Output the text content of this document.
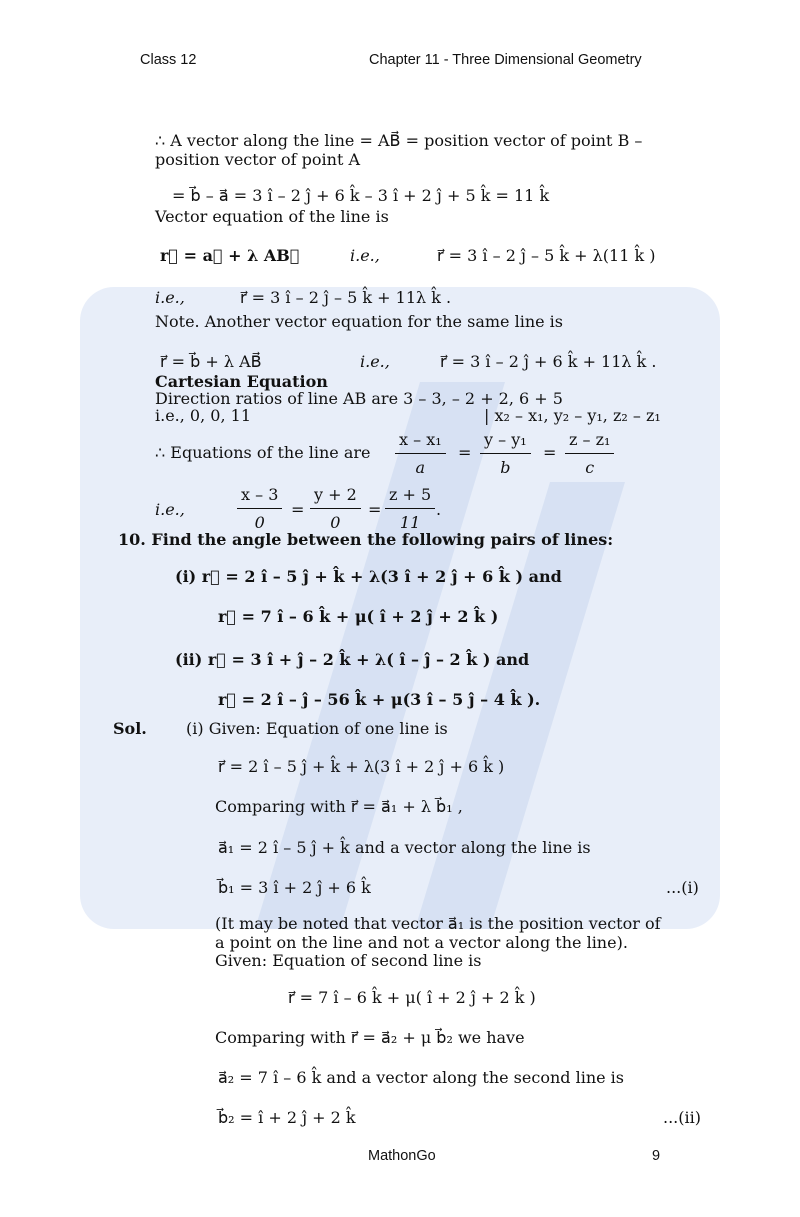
Class 12	Chapter 11 - Three Dimensional Geometry
∴ A vector along the line = AB⃗ = position vector of point B –
position vector of point A
= b⃗ – a⃗ = 3 î – 2 ĵ + 6 k̂ – 3 î + 2 ĵ + 5 k̂ = 11 k̂
Vector equation of the line is
r⃗ = a⃗ + λ AB⃗	i.e.,	r⃗ = 3 î – 2 ĵ – 5 k̂ + λ(11 k̂ )
i.e.,	r⃗ = 3 î – 2 ĵ – 5 k̂ + 11λ k̂ .
Note. Another vector equation for the same line is
r⃗ = b⃗ + λ AB⃗	i.e.,	r⃗ = 3 î – 2 ĵ + 6 k̂ + 11λ k̂ .
Cartesian Equation
Direction ratios of line AB are 3 – 3, – 2 + 2, 6 + 5
i.e., 0, 0, 11	| x₂ – x₁, y₂ – y₁, z₂ – z₁
∴ Equations of the line are
i.e.,
10. Find the angle between the following pairs of lines:
(i) r⃗ = 2 î – 5 ĵ + k̂ + λ(3 î + 2 ĵ + 6 k̂ ) and
r⃗ = 7 î – 6 k̂ + μ( î + 2 ĵ + 2 k̂ )
(ii) r⃗ = 3 î + ĵ – 2 k̂ + λ( î – ĵ – 2 k̂ ) and
r⃗ = 2 î – ĵ – 56 k̂ + μ(3 î – 5 ĵ – 4 k̂ ).
Sol. (i) Given: Equation of one line is
r⃗ = 2 î – 5 ĵ + k̂ + λ(3 î + 2 ĵ + 6 k̂ )
Comparing with r⃗ = a⃗₁ + λ b⃗₁ ,
a⃗₁ = 2 î – 5 ĵ + k̂ and a vector along the line is
b⃗₁ = 3 î + 2 ĵ + 6 k̂	...(i)
(It may be noted that vector a⃗₁ is the position vector of
a point on the line and not a vector along the line).
Given: Equation of second line is
r⃗ = 7 î – 6 k̂ + μ( î + 2 ĵ + 2 k̂ )
Comparing with r⃗ = a⃗₂ + μ b⃗₂ we have
a⃗₂ = 7 î – 6 k̂ and a vector along the second line is
b⃗₂ = î + 2 ĵ + 2 k̂	...(ii)
$\frac{\text{x – x₁}}{a} \frac{\text{y – y₁}}{b} \frac{\text{z – z₁}}{c}$
$\frac{x - 3}{0} \frac{y + 2}{0} \frac{z + 5}{11}$
=	=
=	=	.
MathonGo	9
